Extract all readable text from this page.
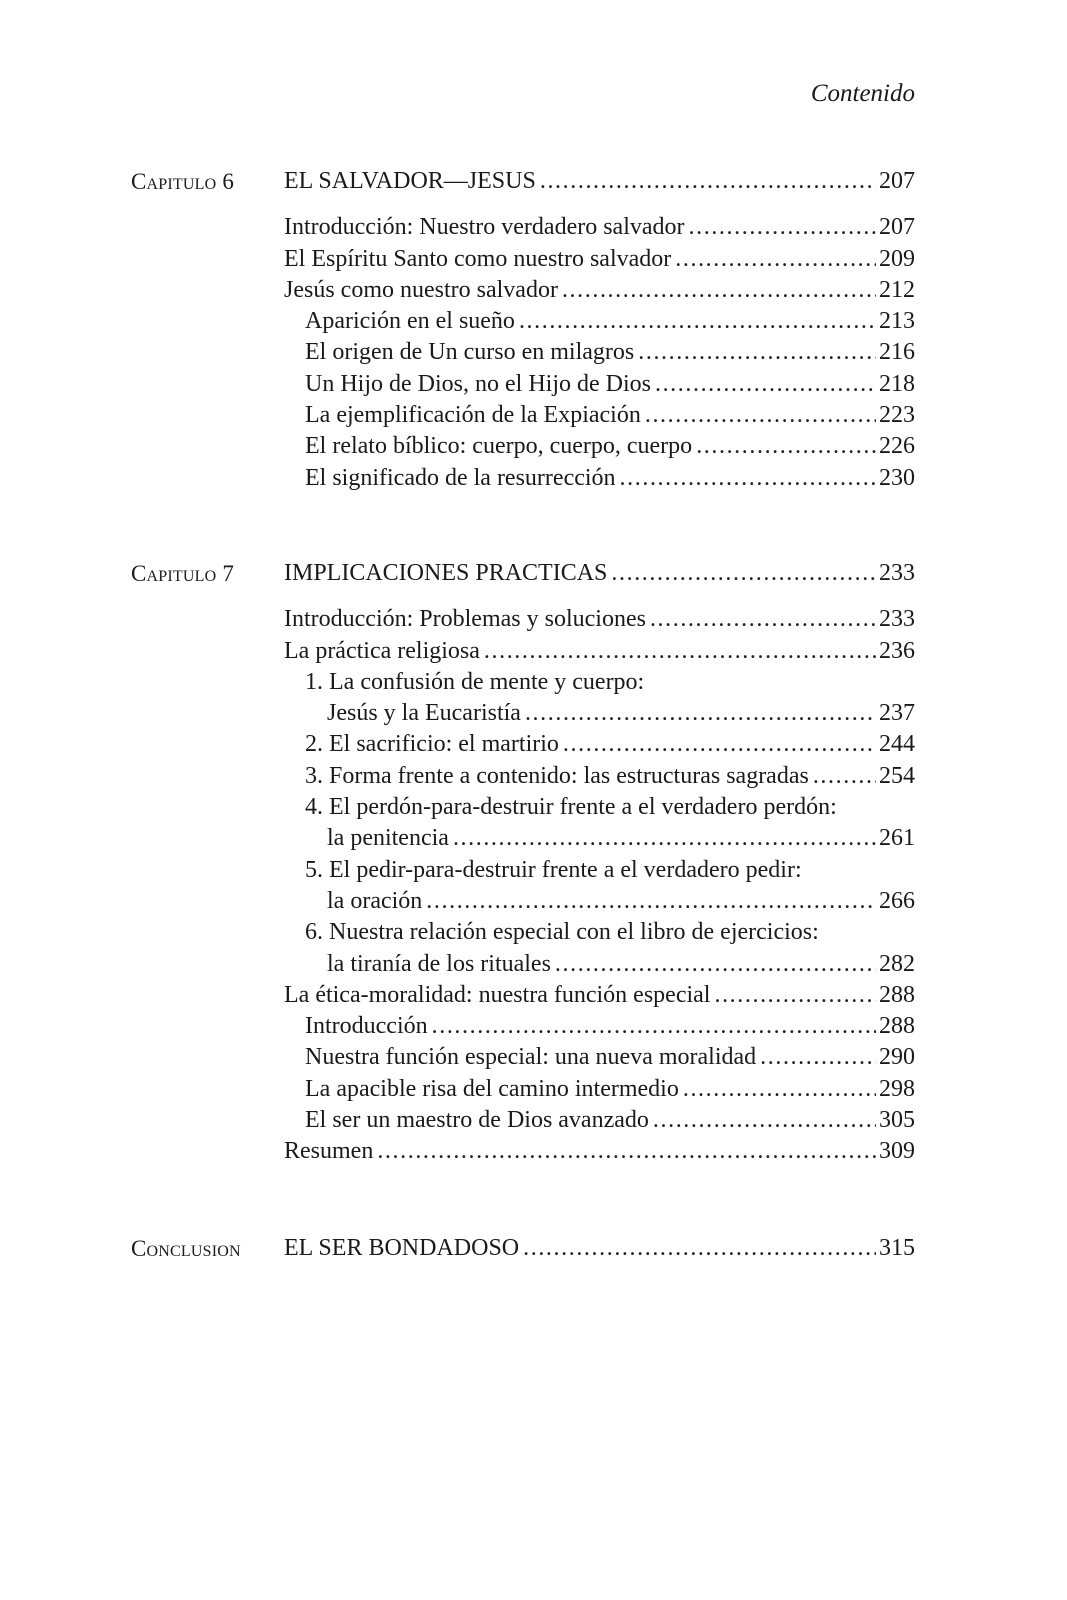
Contenido
Capitulo 6 EL SALVADOR—JESUS .....	207
Introducción: Nuestro verdadero salvador .....	207
El Espíritu Santo como nuestro salvador .....	209
Jesús como nuestro salvador .....	212
Aparición en el sueño .....	213
El origen de Un curso en milagros .....	216
Un Hijo de Dios, no el Hijo de Dios .....	218
La ejemplificación de la Expiación .....	223
El relato bíblico: cuerpo, cuerpo, cuerpo .....	226
El significado de la resurrección .....	230
Capitulo 7 IMPLICACIONES PRACTICAS .....	233
Introducción: Problemas y soluciones .....	233
La práctica religiosa .....	236
1. La confusión de mente y cuerpo:
Jesús y la Eucaristía .....	237
2. El sacrificio: el martirio .....	244
3. Forma frente a contenido: las estructuras sagradas .....	254
4. El perdón-para-destruir frente a el verdadero perdón:
la penitencia .....	261
5. El pedir-para-destruir frente a el verdadero pedir:
la oración .....	266
6. Nuestra relación especial con el libro de ejercicios:
la tiranía de los rituales .....	282
La ética-moralidad: nuestra función especial .....	288
Introducción .....	288
Nuestra función especial: una nueva moralidad .....	290
La apacible risa del camino intermedio .....	298
El ser un maestro de Dios avanzado .....	305
Resumen .....	309
Conclusion EL SER BONDADOSO .....	315
